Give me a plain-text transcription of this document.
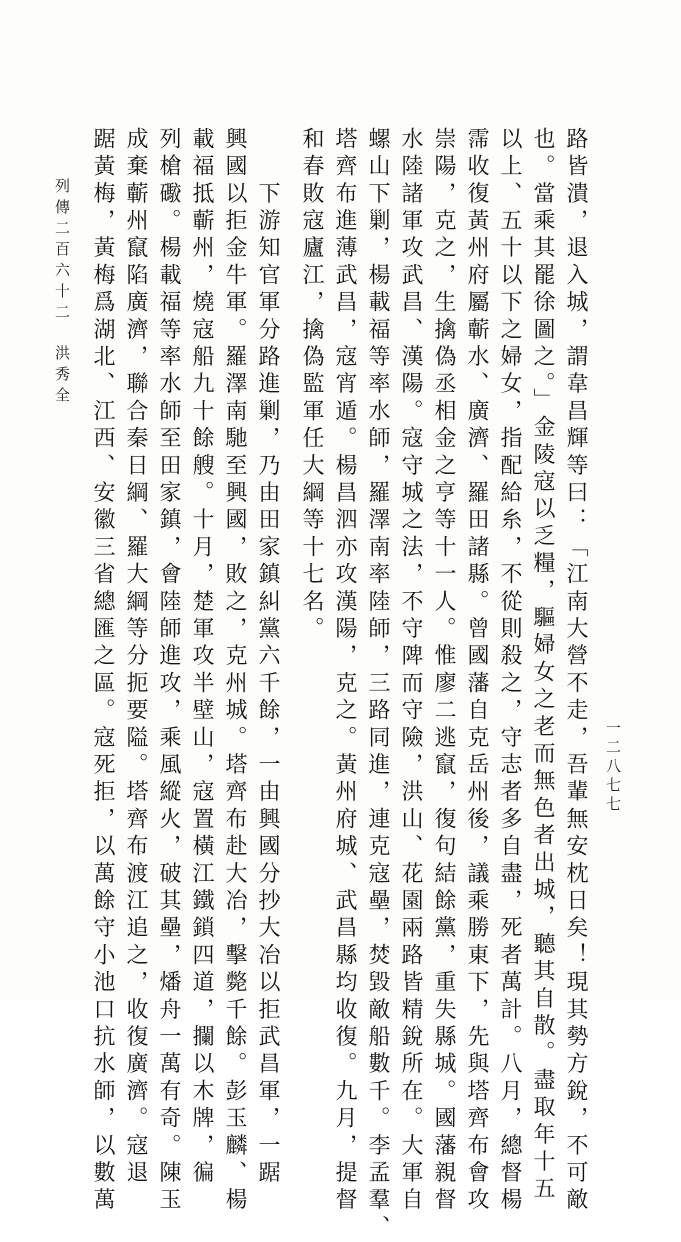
一二八七七
路皆潰，退入城，謂韋昌輝等曰：「江南大營不走，吾輩無安枕日矣！現其勢方銳，不可敵
也。當乘其罷徐圖之。」金陵寇以乏糧，驅婦女之老而無色者出城，聽其自散。盡取年十五
以上、五十以下之婦女，指配給糸，不從則殺之，守志者多自盡，死者萬計。八月，總督楊
霈收復黃州府屬蘄水、廣濟、羅田諸縣。曾國藩自克岳州後，議乘勝東下，先與塔齊布會攻
崇陽，克之，生擒偽丞相金之亨等十一人。惟廖二逃竄，復句結餘黨，重失縣城。國藩親督
水陸諸軍攻武昌、漢陽。寇守城之法，不守陴而守險，洪山、花園兩路皆精銳所在。大軍自
螺山下剿，楊載福等率水師，羅澤南率陸師，三路同進，連克寇壘，焚毀敵船數千。李孟羣、
塔齊布進薄武昌，寇宵遁。楊昌泗亦攻漢陽，克之。黃州府城、武昌縣均收復。九月，提督
和春敗寇廬江，擒偽監軍任大綱等十七名。
　　下游知官軍分路進剿，乃由田家鎮糾黨六千餘，一由興國分抄大冶以拒武昌軍，一踞
興國以拒金牛軍。羅澤南馳至興國，敗之，克州城。塔齊布赴大冶，擊斃千餘。彭玉麟、楊
載福抵蘄州，燒寇船九十餘艘。十月，楚軍攻半壁山，寇置橫江鐵鎖四道，攔以木牌，徧
列槍礮。楊載福等率水師至田家鎮，會陸師進攻，乘風縱火，破其壘，燔舟一萬有奇。陳玉
成棄蘄州竄陷廣濟，聯合秦日綱、羅大綱等分扼要隘。塔齊布渡江追之，收復廣濟。寇退
踞黃梅，黃梅爲湖北、江西、安徽三省總匯之區。寇死拒，以萬餘守小池口抗水師，以數萬
列傳二百六十二
洪秀全
